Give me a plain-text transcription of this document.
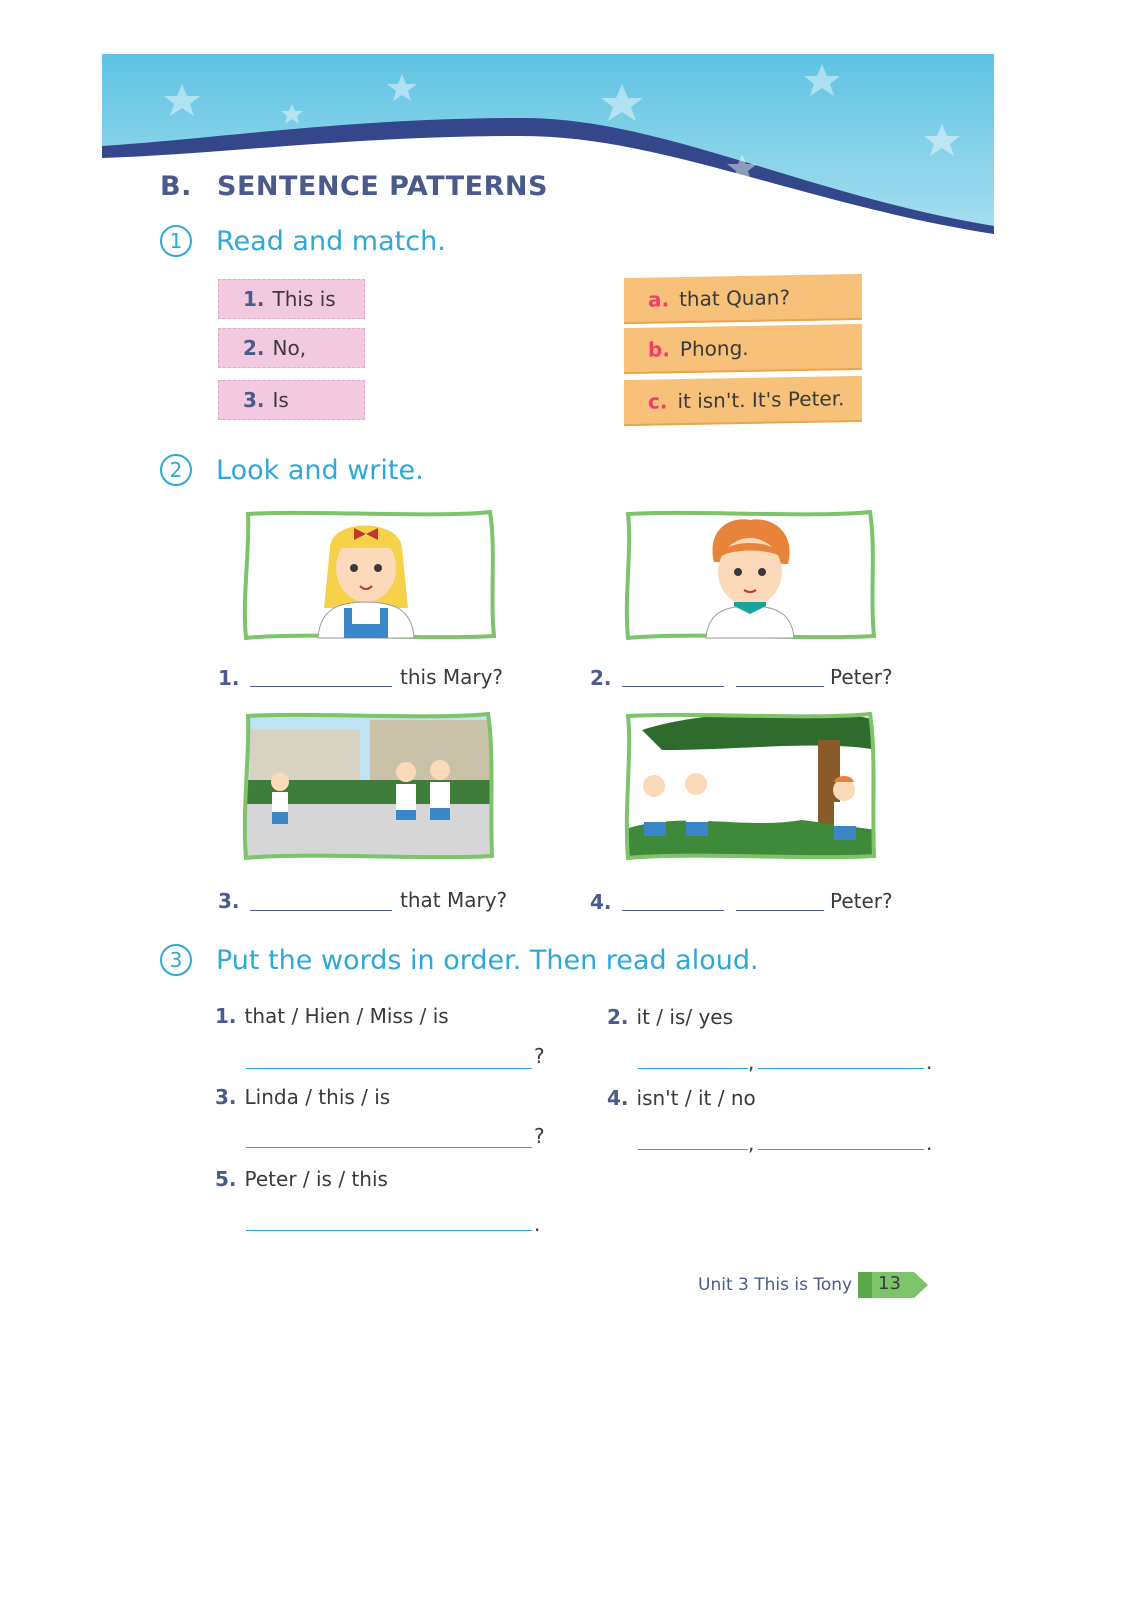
B. SENTENCE PATTERNS
1	Read and match.
1. This is
2. No,
3. Is
a. that Quan?
b. Phong.
c. it isn't. It's Peter.
2	Look and write.
1.	this Mary?	2.	Peter?
3.	that Mary?	4.	Peter?
3	Put the words in order. Then read aloud.
1. that / Hien / Miss / is
?
2. it / is/ yes
,	.
3. Linda / this / is
?
4. isn't / it / no
,	.
5. Peter / is / this
.
Unit 3 This is Tony 13
